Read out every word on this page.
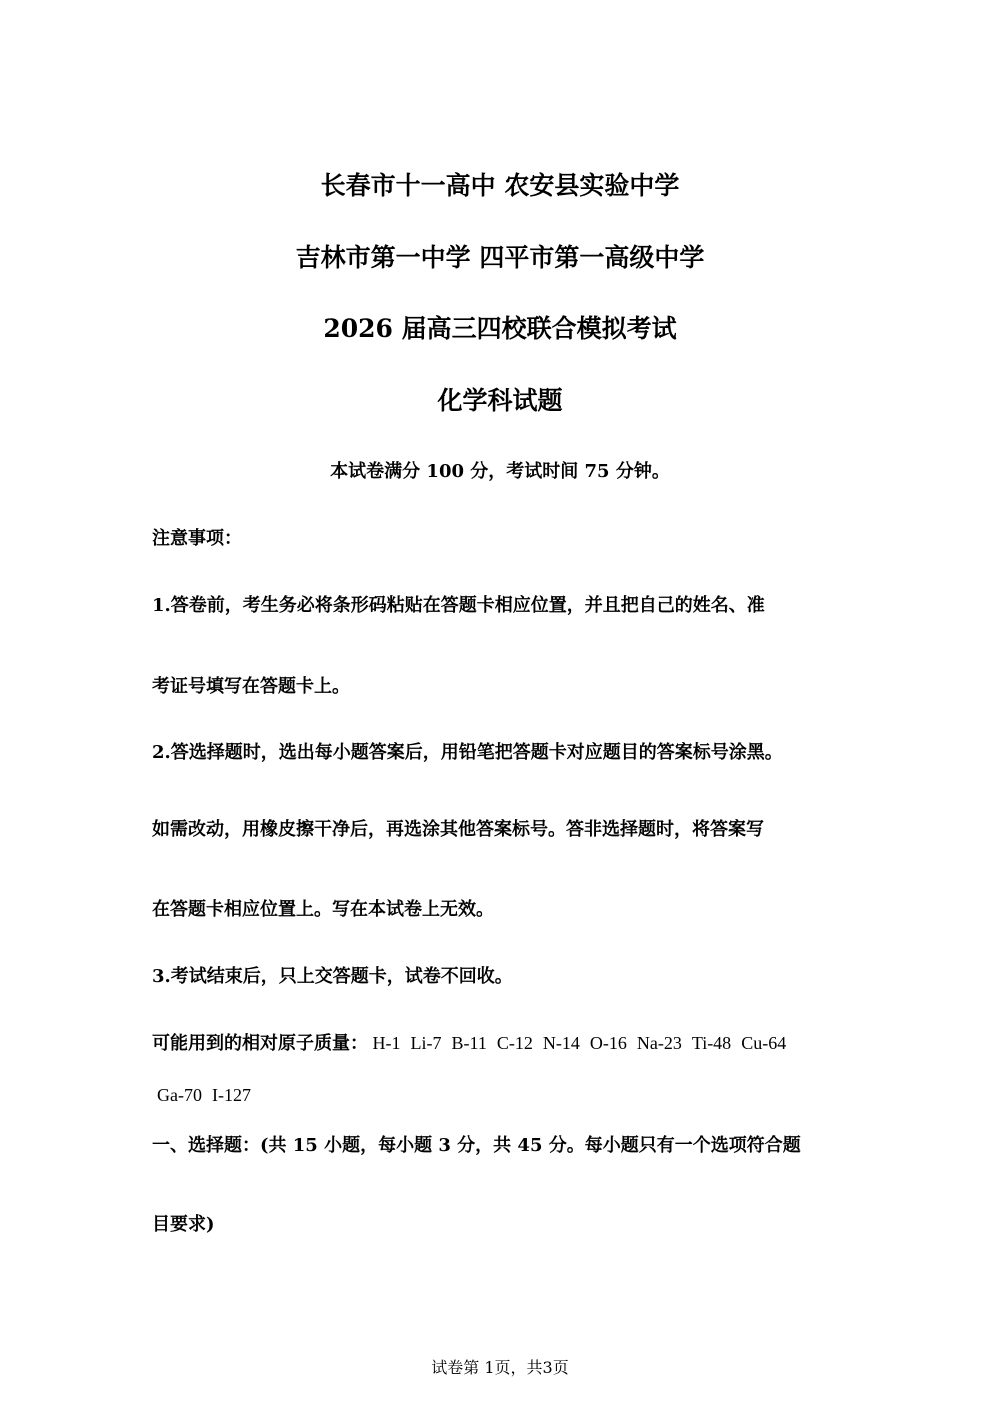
长春市十一高中 农安县实验中学
吉林市第一中学 四平市第一高级中学
2026 届高三四校联合模拟考试
化学科试题
本试卷满分 100 分，考试时间 75 分钟。
注意事项：
1.答卷前，考生务必将条形码粘贴在答题卡相应位置，并且把自己的姓名、准
考证号填写在答题卡上。
2.答选择题时，选出每小题答案后，用铅笔把答题卡对应题目的答案标号涂黑。
如需改动，用橡皮擦干净后，再选涂其他答案标号。答非选择题时，将答案写
在答题卡相应位置上。写在本试卷上无效。
3.考试结束后，只上交答题卡，试卷不回收。
可能用到的相对原子质量： H-1 Li-7 B-11 C-12 N-14 O-16 Na-23 Ti-48 Cu-64
Ga-70 I-127
一、选择题：(共 15 小题，每小题 3 分，共 45 分。每小题只有一个选项符合题
目要求)
试卷第 1页，共3页
